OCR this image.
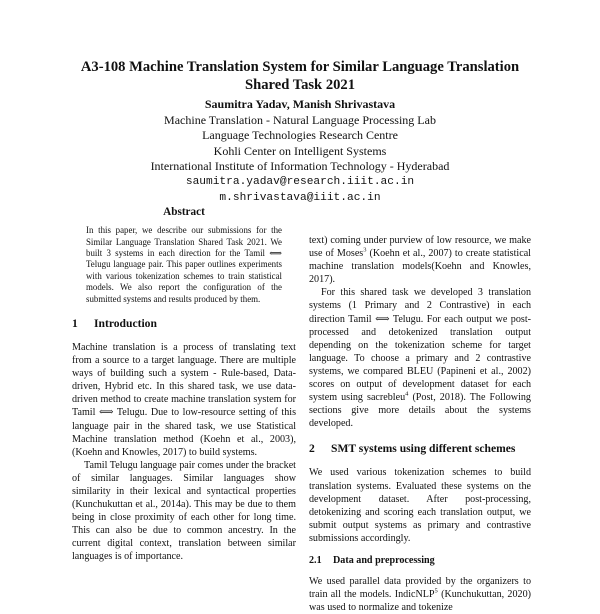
A3-108 Machine Translation System for Similar Language Translation Shared Task 2021
Saumitra Yadav, Manish Shrivastava
Machine Translation - Natural Language Processing Lab
Language Technologies Research Centre
Kohli Center on Intelligent Systems
International Institute of Information Technology - Hyderabad
saumitra.yadav@research.iiit.ac.in
m.shrivastava@iiit.ac.in
Abstract

In this paper, we describe our submissions for the Similar Language Translation Shared Task 2021. We built 3 systems in each direction for the Tamil ⟺ Telugu language pair. This paper outlines experiments with various tokenization schemes to train statistical models. We also report the configuration of the submitted systems and results produced by them.

1 Introduction

Machine translation is a process of translating text from a source to a target language. There are multiple ways of building such a system - Rule-based, Data-driven, Hybrid etc. In this shared task, we use data-driven method to create machine translation system for Tamil ⟺ Telugu. Due to low-resource setting of this language pair in the shared task, we use Statistical Machine translation method (Koehn et al., 2003),(Koehn and Knowles, 2017) to build systems.

Tamil Telugu language pair comes under the bracket of similar languages. Similar languages show similarity in their lexical and syntactical properties (Kunchukuttan et al., 2014a). This may be due to them being in close proximity of each other for long time. This can also be due to common ancestry. In the current digital context, translation between similar languages is of importance.

text) coming under purview of low resource, we make use of Moses$^3$ (Koehn et al., 2007) to create statistical machine translation models(Koehn and Knowles, 2017).

For this shared task we developed 3 translation systems (1 Primary and 2 Contrastive) in each direction Tamil ⟺ Telugu. For each output we post-processed and detokenized translation output depending on the tokenization scheme for target language. To choose a primary and 2 contrastive systems, we compared BLEU (Papineni et al., 2002) scores on output of development dataset for each system using sacrebleu$^4$ (Post, 2018). The Following sections give more details about the systems developed.

2 SMT systems using different schemes

We used various tokenization schemes to build translation systems. Evaluated these systems on the development dataset. After post-processing, detokenizing and scoring each translation output, we submit output systems as primary and contrastive submissions accordingly.

2.1 Data and preprocessing

We used parallel data provided by the organizers to train all the models. IndicNLP$^5$ (Kunchukuttan, 2020) was used to normalize and tokenize
